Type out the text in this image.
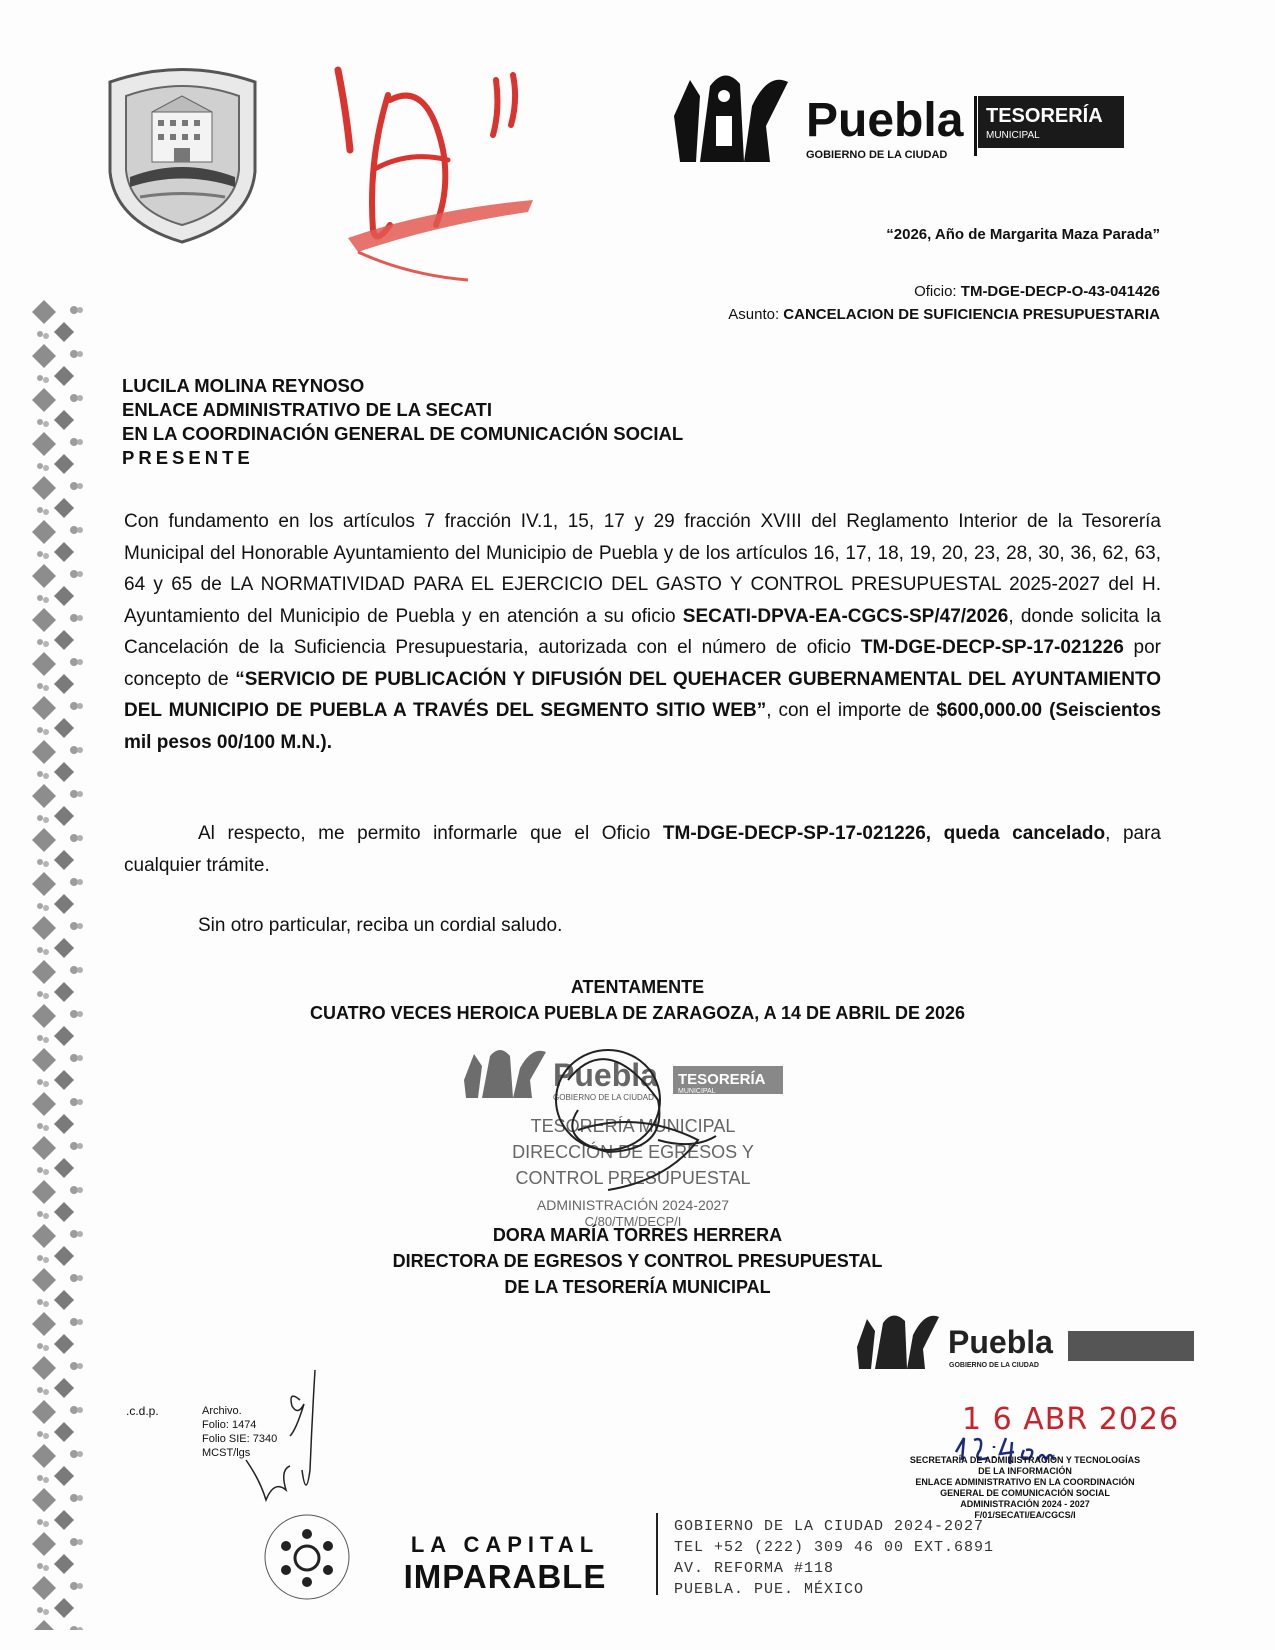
Puebla
GOBIERNO DE LA CIUDAD
TESORERÍA
MUNICIPAL
“2026, Año de Margarita Maza Parada”
Oficio: TM-DGE-DECP-O-43-041426
Asunto: CANCELACION DE SUFICIENCIA PRESUPUESTARIA
LUCILA MOLINA REYNOSO
ENLACE ADMINISTRATIVO DE LA SECATI
EN LA COORDINACIÓN GENERAL DE COMUNICACIÓN SOCIAL
PRESENTE
Con fundamento en los artículos 7 fracción IV.1, 15, 17 y 29 fracción XVIII del Reglamento Interior de la Tesorería Municipal del Honorable Ayuntamiento del Municipio de Puebla y de los artículos 16, 17, 18, 19, 20, 23, 28, 30, 36, 62, 63, 64 y 65 de LA NORMATIVIDAD PARA EL EJERCICIO DEL GASTO Y CONTROL PRESUPUESTAL 2025-2027 del H. Ayuntamiento del Municipio de Puebla y en atención a su oficio SECATI-DPVA-EA-CGCS-SP/47/2026, donde solicita la Cancelación de la Suficiencia Presupuestaria, autorizada con el número de oficio TM-DGE-DECP-SP-17-021226 por concepto de “SERVICIO DE PUBLICACIÓN Y DIFUSIÓN DEL QUEHACER GUBERNAMENTAL DEL AYUNTAMIENTO DEL MUNICIPIO DE PUEBLA A TRAVÉS DEL SEGMENTO SITIO WEB”, con el importe de $600,000.00 (Seiscientos mil pesos 00/100 M.N.).
Al respecto, me permito informarle que el Oficio TM-DGE-DECP-SP-17-021226, queda cancelado, para cualquier trámite.
Sin otro particular, reciba un cordial saludo.
ATENTAMENTE
CUATRO VECES HEROICA PUEBLA DE ZARAGOZA, A 14 DE ABRIL DE 2026
Puebla
GOBIERNO DE LA CIUDAD
TESORERÍA
MUNICIPAL
TESORERÍA MUNICIPAL
DIRECCIÓN DE EGRESOS Y
CONTROL PRESUPUESTAL
ADMINISTRACIÓN 2024-2027
C/80/TM/DECP/I
DORA MARÍA TORRES HERRERA
DIRECTORA DE EGRESOS Y CONTROL PRESUPUESTAL
DE LA TESORERÍA MUNICIPAL
Puebla
GOBIERNO DE LA CIUDAD
1 6 ABR 2026
SECRETARÍA DE ADMINISTRACIÓN Y TECNOLOGÍAS
DE LA INFORMACIÓN
ENLACE ADMINISTRATIVO EN LA COORDINACIÓN
GENERAL DE COMUNICACIÓN SOCIAL
ADMINISTRACIÓN 2024 - 2027
F/01/SECATI/EA/CGCS/I
.c.d.p.	Archivo.
Folio: 1474
Folio SIE: 7340
MCST/lgs
LA CAPITAL
IMPARABLE
GOBIERNO DE LA CIUDAD 2024-2027
TEL +52 (222) 309 46 00 EXT.6891
AV. REFORMA #118
PUEBLA. PUE. MÉXICO
